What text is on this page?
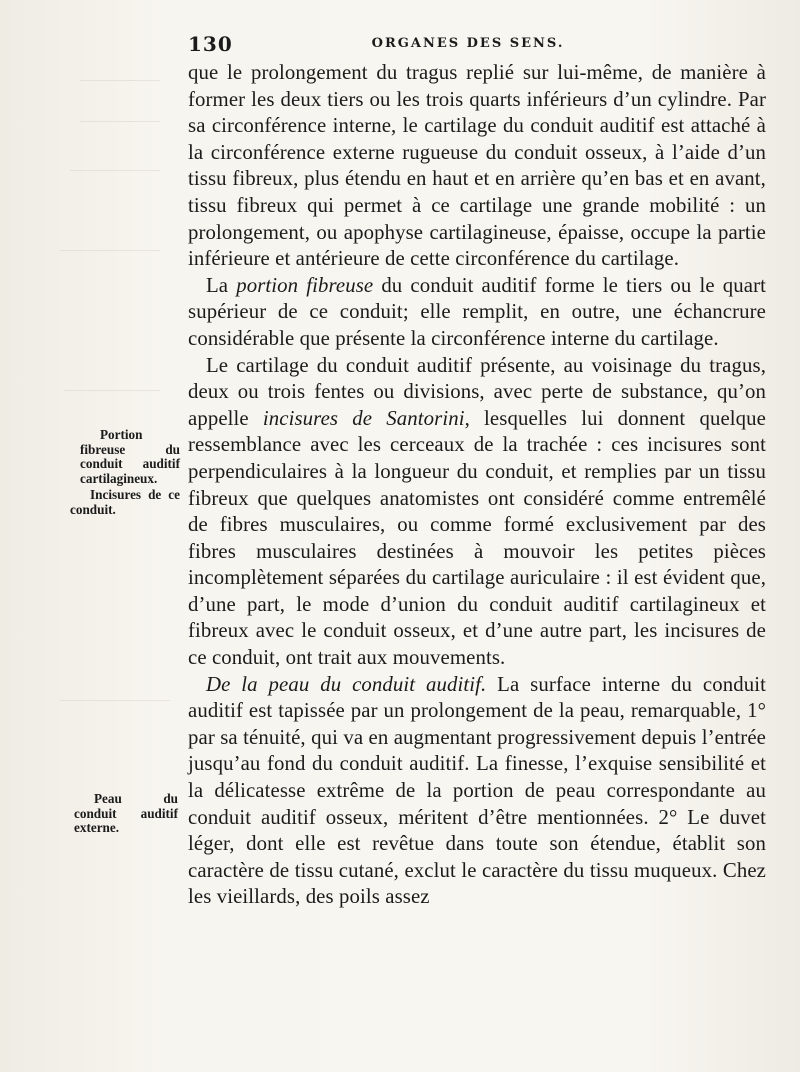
130	ORGANES DES SENS.

Portion fibreuse du conduit auditif cartilagineux.

Incisures de ce conduit.

Peau du conduit auditif externe.

que le prolongement du tragus replié sur lui-même, de manière à former les deux tiers ou les trois quarts inférieurs d’un cylindre. Par sa circonférence interne, le cartilage du conduit auditif est attaché à la circonférence externe rugueuse du conduit osseux, à l’aide d’un tissu fibreux, plus étendu en haut et en arrière qu’en bas et en avant, tissu fibreux qui permet à ce cartilage une grande mobilité : un prolongement, ou apophyse cartilagineuse, épaisse, occupe la partie inférieure et antérieure de cette circonférence du cartilage.

La portion fibreuse du conduit auditif forme le tiers ou le quart supérieur de ce conduit; elle remplit, en outre, une échancrure considérable que présente la circonférence interne du cartilage.

Le cartilage du conduit auditif présente, au voisinage du tragus, deux ou trois fentes ou divisions, avec perte de substance, qu’on appelle incisures de Santorini, lesquelles lui donnent quelque ressemblance avec les cerceaux de la trachée : ces incisures sont perpendiculaires à la longueur du conduit, et remplies par un tissu fibreux que quelques anatomistes ont considéré comme entremêlé de fibres musculaires, ou comme formé exclusivement par des fibres musculaires destinées à mouvoir les petites pièces incomplètement séparées du cartilage auriculaire : il est évident que, d’une part, le mode d’union du conduit auditif cartilagineux et fibreux avec le conduit osseux, et d’une autre part, les incisures de ce conduit, ont trait aux mouvements.

De la peau du conduit auditif. La surface interne du conduit auditif est tapissée par un prolongement de la peau, remarquable, 1° par sa ténuité, qui va en augmentant progressivement depuis l’entrée jusqu’au fond du conduit auditif. La finesse, l’exquise sensibilité et la délicatesse extrême de la portion de peau correspondante au conduit auditif osseux, méritent d’être mentionnées. 2° Le duvet léger, dont elle est revêtue dans toute son étendue, établit son caractère de tissu cutané, exclut le caractère du tissu muqueux. Chez les vieillards, des poils assez
